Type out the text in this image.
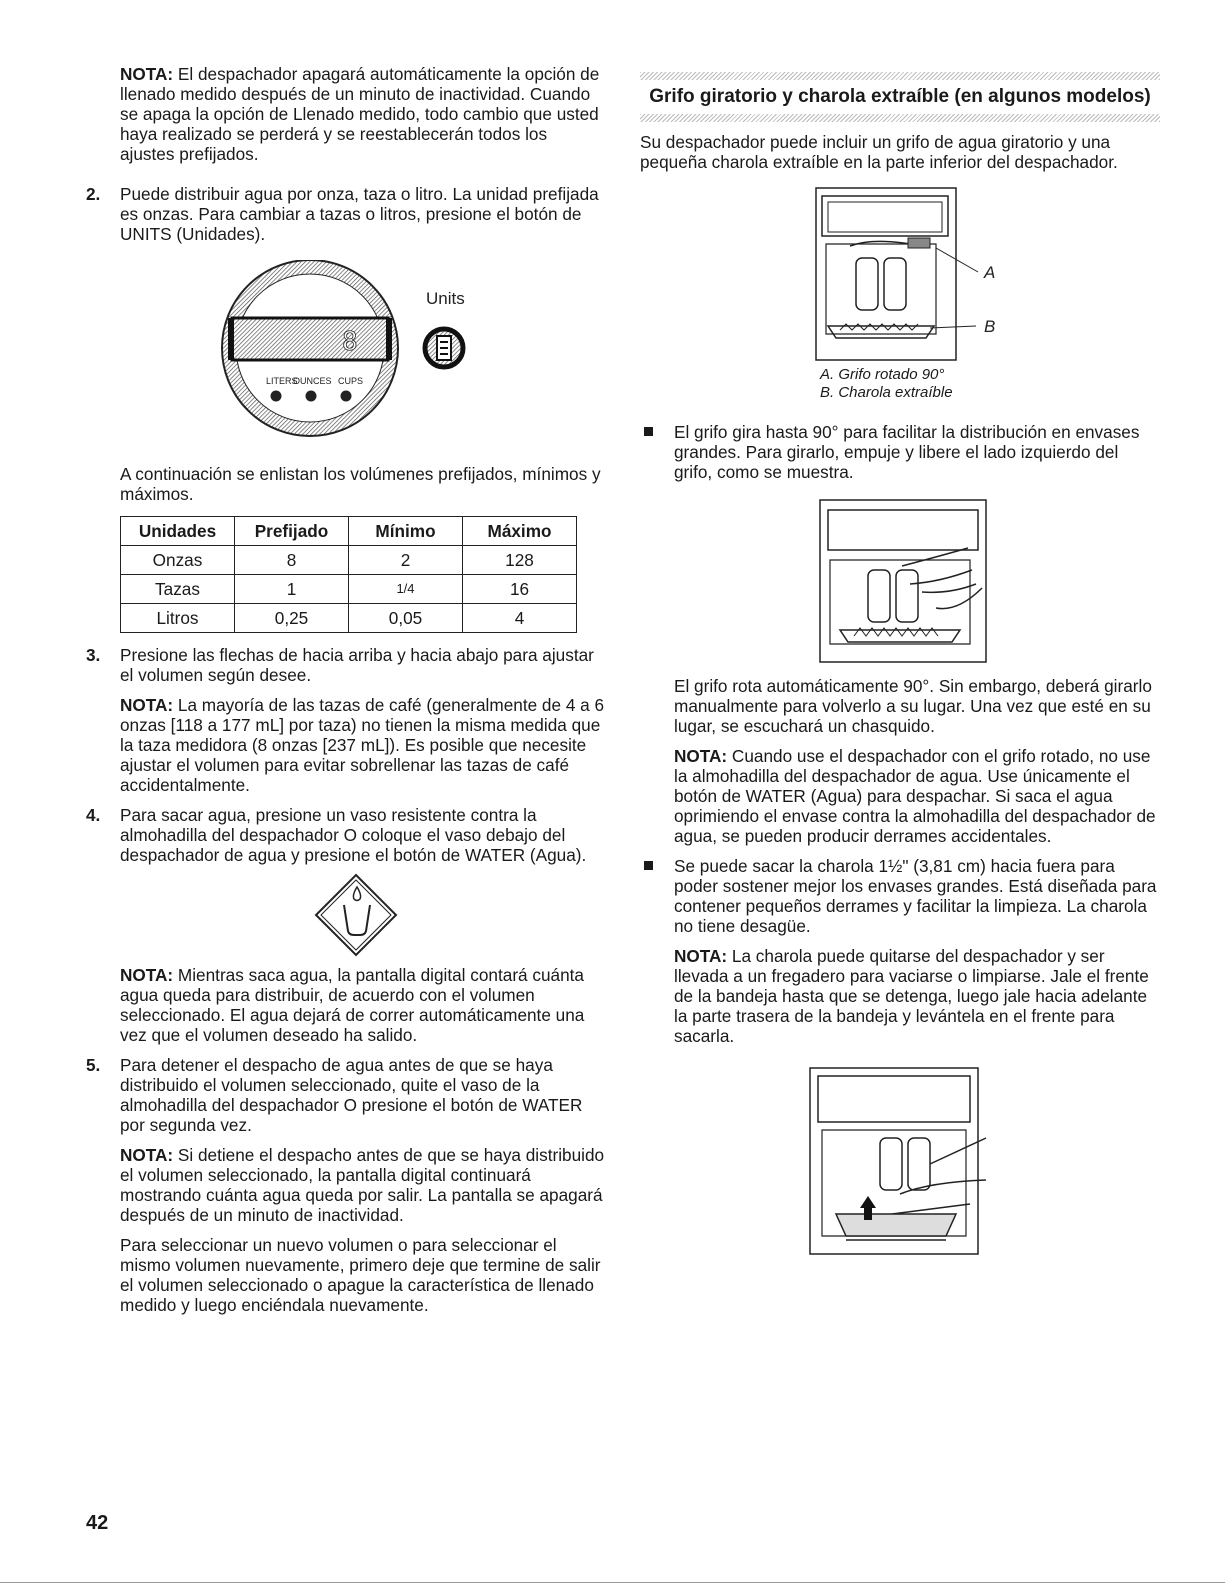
NOTA: El despachador apagará automáticamente la opción de llenado medido después de un minuto de inactividad. Cuando se apaga la opción de Llenado medido, todo cambio que usted haya realizado se perderá y se reestablecerán todos los ajustes prefijados.

2. Puede distribuir agua por onza, taza o litro. La unidad prefijada es onzas. Para cambiar a tazas o litros, presione el botón de UNITS (Unidades).
8
LITERS
OUNCES CUPS
Units

A continuación se enlistan los volúmenes prefijados, mínimos y máximos.

Unidades	Prefijado	Mínimo	Máximo
Onzas	8	2	128
Tazas	1	1/4	16
Litros	0,25	0,05	4
3. Presione las flechas de hacia arriba y hacia abajo para ajustar el volumen según desee.

NOTA: La mayoría de las tazas de café (generalmente de 4 a 6 onzas [118 a 177 mL] por taza) no tienen la misma medida que la taza medidora (8 onzas [237 mL]). Es posible que necesite ajustar el volumen para evitar sobrellenar las tazas de café accidentalmente.

4. Para sacar agua, presione un vaso resistente contra la almohadilla del despachador O coloque el vaso debajo del despachador de agua y presione el botón de WATER (Agua).

NOTA: Mientras saca agua, la pantalla digital contará cuánta agua queda para distribuir, de acuerdo con el volumen seleccionado. El agua dejará de correr automáticamente una vez que el volumen deseado ha salido.

5. Para detener el despacho de agua antes de que se haya distribuido el volumen seleccionado, quite el vaso de la almohadilla del despachador O presione el botón de WATER por segunda vez.

NOTA: Si detiene el despacho antes de que se haya distribuido el volumen seleccionado, la pantalla digital continuará mostrando cuánta agua queda por salir. La pantalla se apagará después de un minuto de inactividad.

Para seleccionar un nuevo volumen o para seleccionar el mismo volumen nuevamente, primero deje que termine de salir el volumen seleccionado o apague la característica de llenado medido y luego enciéndala nuevamente.

Grifo giratorio y charola extraíble (en algunos modelos)

Su despachador puede incluir un grifo de agua giratorio y una pequeña charola extraíble en la parte inferior del despachador.

A
B
A. Grifo rotado 90°
B. Charola extraíble
El grifo gira hasta 90° para facilitar la distribución en envases grandes. Para girarlo, empuje y libere el lado izquierdo del grifo, como se muestra.

El grifo rota automáticamente 90°. Sin embargo, deberá girarlo manualmente para volverlo a su lugar. Una vez que esté en su lugar, se escuchará un chasquido.

NOTA: Cuando use el despachador con el grifo rotado, no use la almohadilla del despachador de agua. Use únicamente el botón de WATER (Agua) para despachar. Si saca el agua oprimiendo el envase contra la almohadilla del despachador de agua, se pueden producir derrames accidentales.

Se puede sacar la charola 1½" (3,81 cm) hacia fuera para poder sostener mejor los envases grandes. Está diseñada para contener pequeños derrames y facilitar la limpieza. La charola no tiene desagüe.

NOTA: La charola puede quitarse del despachador y ser llevada a un fregadero para vaciarse o limpiarse. Jale el frente de la bandeja hasta que se detenga, luego jale hacia adelante la parte trasera de la bandeja y levántela en el frente para sacarla.

42
